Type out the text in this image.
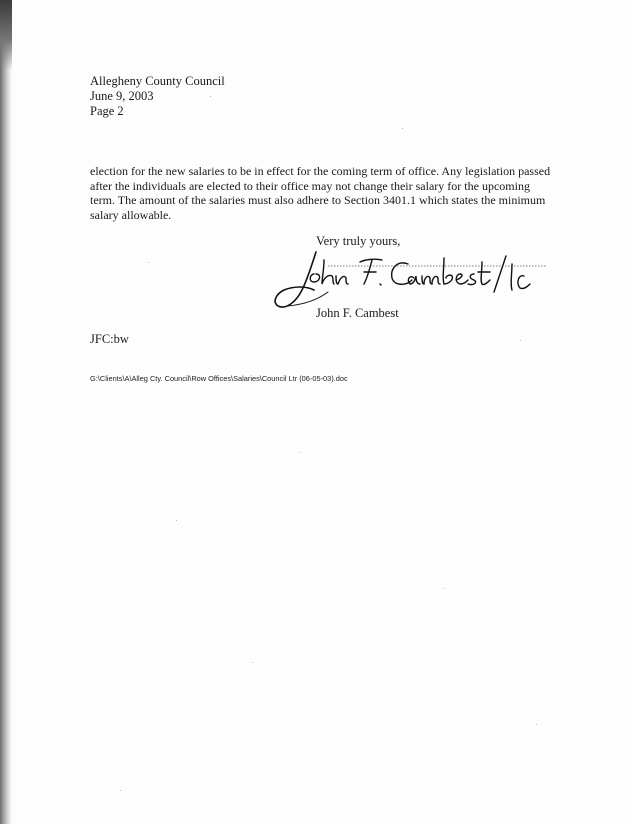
Allegheny County Council
June 9, 2003
Page 2
election for the new salaries to be in effect for the coming term of office. Any legislation passed
after the individuals are elected to their office may not change their salary for the upcoming
term. The amount of the salaries must also adhere to Section 3401.1 which states the minimum
salary allowable.
Very truly yours,
John F. Cambest
JFC:bw
G:\Clients\A\Alleg Cty. Council\Row Offices\Salaries\Council Ltr (06-05-03).doc
